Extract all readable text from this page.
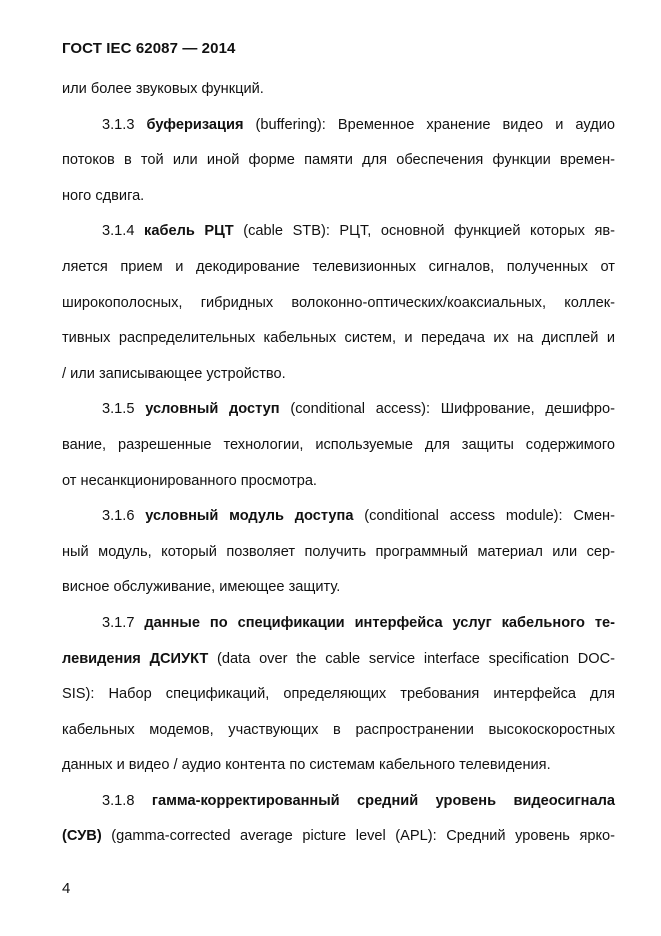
ГОСТ IEC 62087 — 2014
или более звуковых функций.
3.1.3 буферизация (buffering): Временное хранение видео и аудио
потоков в той или иной форме памяти для обеспечения функции времен-
ного сдвига.
3.1.4 кабель РЦТ (cable STB): РЦТ, основной функцией которых яв-
ляется прием и декодирование телевизионных сигналов, полученных от
широкополосных, гибридных волоконно-оптических/коаксиальных, коллек-
тивных распределительных кабельных систем, и передача их на дисплей и
/ или записывающее устройство.
3.1.5 условный доступ (conditional access): Шифрование, дешифро-
вание, разрешенные технологии, используемые для защиты содержимого
от несанкционированного просмотра.
3.1.6 условный модуль доступа (conditional access module): Смен-
ный модуль, который позволяет получить программный материал или сер-
висное обслуживание, имеющее защиту.
3.1.7 данные по спецификации интерфейса услуг кабельного те-
левидения ДСИУКТ (data over the cable service interface specification DOC-
SIS): Набор спецификаций, определяющих требования интерфейса для
кабельных модемов, участвующих в распространении высокоскоростных
данных и видео / аудио контента по системам кабельного телевидения.
3.1.8 гамма-корректированный средний уровень видеосигнала
(СУВ) (gamma-corrected average picture level (APL): Средний уровень ярко-
4
